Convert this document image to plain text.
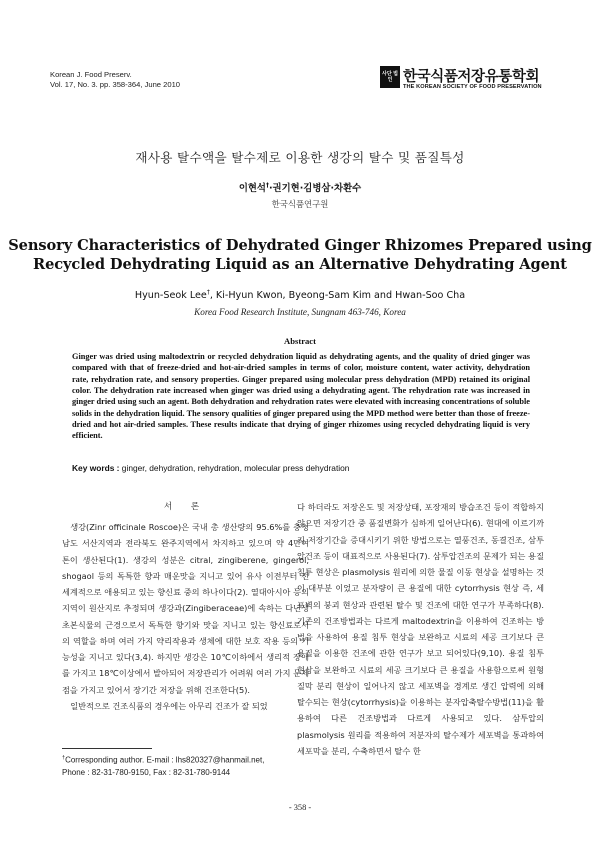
Korean J. Food Preserv.
Vol. 17, No. 3. pp. 358-364, June 2010
사단 법인 한국식품저장유통학회
THE KOREAN SOCIETY OF FOOD PRESERVATION
재사용 탈수액을 탈수제로 이용한 생강의 탈수 및 품질특성
이현석†·권기현·김병삼·차환수
한국식품연구원
Sensory Characteristics of Dehydrated Ginger Rhizomes Prepared using
Recycled Dehydrating Liquid as an Alternative Dehydrating Agent
Hyun-Seok Lee†, Ki-Hyun Kwon, Byeong-Sam Kim and Hwan-Soo Cha
Korea Food Research Institute, Sungnam 463-746, Korea
Abstract
Ginger was dried using maltodextrin or recycled dehydration liquid as dehydrating agents, and the quality of dried ginger was compared with that of freeze-dried and hot-air-dried samples in terms of color, moisture content, water activity, dehydration rate, rehydration rate, and sensory properties. Ginger prepared using molecular press dehydration (MPD) retained its original color. The dehydration rate increased when ginger was dried using a dehydrating agent. The rehydration rate was increased in ginger dried using such an agent. Both dehydration and rehydration rates were elevated with increasing concentrations of soluble solids in the dehydration liquid. The sensory qualities of ginger prepared using the MPD method were better than those of freeze-dried and hot air-dried samples. These results indicate that drying of ginger rhizomes using recycled dehydrating liquid is very efficient.
Key words : ginger, dehydration, rehydration, molecular press dehydration
서 론

생강(Zinr officinale Roscoe)은 국내 총 생산량의 95.6%를 충청남도 서산지역과 전라북도 완주지역에서 차지하고 있으며 약 4만여 톤이 생산된다(1). 생강의 성분은 citral, zingiberene, gingerol, shogaol 등의 독특한 향과 매운맛을 지니고 있어 유사 이전부터 전 세계적으로 애용되고 있는 향신료 중의 하나이다(2). 열대아시아 등의 지역이 원산지로 추정되며 생강과(Zingiberaceae)에 속하는 다년생 초본식물의 근경으로서 독특한 향기와 맛을 지니고 있는 향신료로서의 역할을 하며 여러 가지 약리작용과 생체에 대한 보호 작용 등의 기능성을 지니고 있다(3,4). 하지만 생강은 10℃이하에서 생리적 장애를 가지고 18℃이상에서 발아되어 저장관리가 어려워 여러 가지 문제점을 가지고 있어서 장기간 저장을 위해 건조한다(5).

일반적으로 건조식품의 경우에는 아무리 건조가 잘 되었

다 하더라도 저장온도 및 저장상태, 포장재의 방습조건 등이 적합하지 않으면 저장기간 중 품질변화가 심하게 일어난다(6). 현대에 이르기까지 저장기간을 증대시키기 위한 방법으로는 열풍건조, 동결건조, 삼투압건조 등이 대표적으로 사용된다(7). 삼투압건조의 문제가 되는 용질 침투 현상은 plasmolysis 원리에 의한 물질 이동 현상을 설명하는 것이 대부분 이었고 분자량이 큰 용질에 대한 cytorrhysis 현상 즉, 세포벽의 붕괴 현상과 관련된 탈수 및 건조에 대한 연구가 부족하다(8). 기존의 건조방법과는 다르게 maltodextrin을 이용하여 건조하는 방법을 사용하여 용질 침투 현상을 보완하고 시료의 세공 크기보다 큰 용질을 이용한 건조에 관한 연구가 보고 되어있다(9,10). 용질 침투 현상을 보완하고 시료의 세공 크기보다 큰 용질을 사용함으로써 원형질막 분리 현상이 일어나지 않고 세포벽을 경계로 생긴 압력에 의해 탈수되는 현상(cytorrhysis)을 이용하는 분자압축탈수방법(11)을 활용하여 다른 건조방법과 다르게 사용되고 있다. 삼투압의 plasmolysis 원리를 적용하여 저분자의 탈수제가 세포벽을 통과하여 세포막을 분리, 수축하면서 탈수 한

†Corresponding author. E-mail : lhs820327@hanmail.net,
Phone : 82-31-780-9150, Fax : 82-31-780-9144
- 358 -
